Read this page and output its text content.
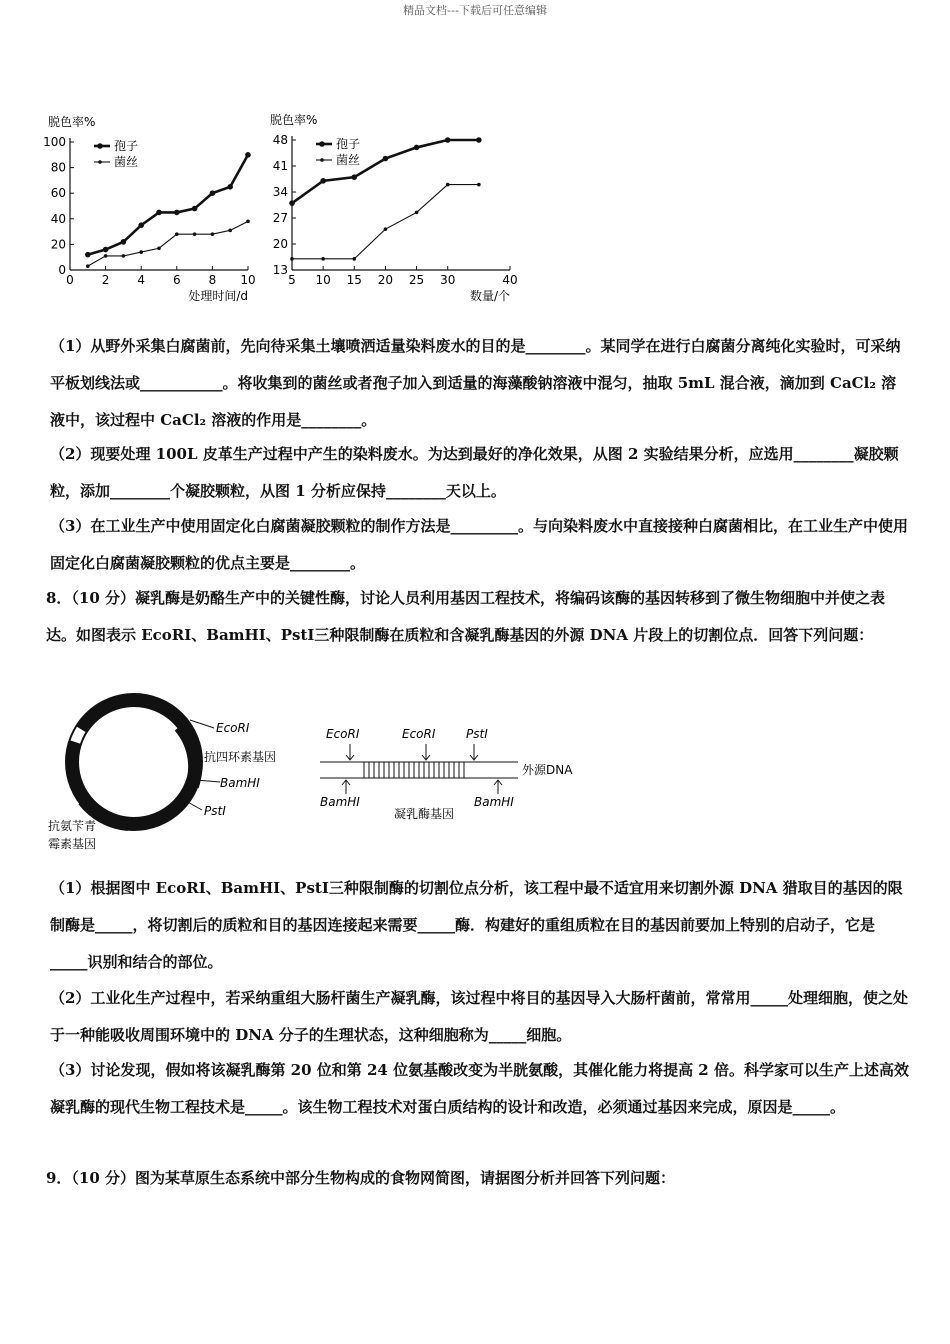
精品文档---下载后可任意编辑
0
20
40
60
80
100
0 2 4 6 8 10
脱色率%
处理时间/d
孢子
菌丝
13
20
27
34
41
48
5 10 15 20 25 30	40
脱色率%
数量/个
孢子
菌丝

（1）从野外采集白腐菌前，先向待采集土壤喷洒适量染料废水的目的是________。某同学在进行白腐菌分离纯化实验时，可采纳平板划线法或___________。将收集到的菌丝或者孢子加入到适量的海藻酸钠溶液中混匀，抽取 5mL 混合液，滴加到 CaCl₂ 溶液中，该过程中 CaCl₂ 溶液的作用是________。

（2）现要处理 100L 皮革生产过程中产生的染料废水。为达到最好的净化效果，从图 2 实验结果分析，应选用________凝胶颗粒，添加________个凝胶颗粒，从图 1 分析应保持________天以上。

（3）在工业生产中使用固定化白腐菌凝胶颗粒的制作方法是_________。与向染料废水中直接接种白腐菌相比，在工业生产中使用固定化白腐菌凝胶颗粒的优点主要是________。

8．（10 分）凝乳酶是奶酪生产中的关键性酶，讨论人员利用基因工程技术，将编码该酶的基因转移到了微生物细胞中并使之表达。如图表示 EcoRⅠ、BamHⅠ、PstⅠ三种限制酶在质粒和含凝乳酶基因的外源 DNA 片段上的切割位点．回答下列问题：

EcoRⅠ
抗四环素基因
BamHⅠ
PstⅠ
抗氨苄青
霉素基因
EcoRⅠ	EcoRⅠ	PstⅠ
BamHⅠ	BamHⅠ
外源DNA
凝乳酶基因

（1）根据图中 EcoRⅠ、BamHⅠ、PstⅠ三种限制酶的切割位点分析，该工程中最不适宜用来切割外源 DNA 猎取目的基因的限制酶是_____，将切割后的质粒和目的基因连接起来需要_____酶．构建好的重组质粒在目的基因前要加上特别的启动子，它是_____识别和结合的部位。

（2）工业化生产过程中，若采纳重组大肠杆菌生产凝乳酶，该过程中将目的基因导入大肠杆菌前，常常用_____处理细胞，使之处于一种能吸收周围环境中的 DNA 分子的生理状态，这种细胞称为_____细胞。

（3）讨论发现，假如将该凝乳酶第 20 位和第 24 位氨基酸改变为半胱氨酸，其催化能力将提高 2 倍。科学家可以生产上述高效凝乳酶的现代生物工程技术是_____。该生物工程技术对蛋白质结构的设计和改造，必须通过基因来完成，原因是_____。

9．（10 分）图为某草原生态系统中部分生物构成的食物网简图，请据图分析并回答下列问题：
